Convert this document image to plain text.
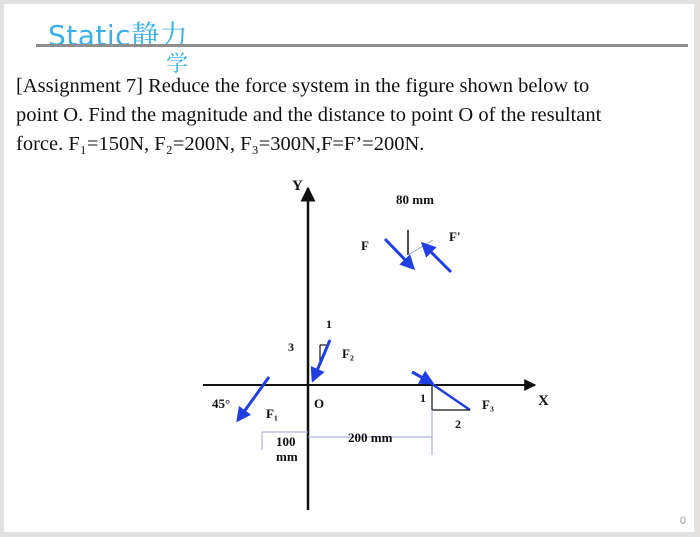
Static静力
学
[Assignment 7] Reduce the force system in the figure shown below to
point O. Find the magnitude and the distance to point O of the resultant
force. F₁=150N, F₂=200N, F₃=300N,F=F’=200N.
Y
X
O
80 mm
F
F'
1
3	F₂
45°
F₁
100
mm
1
2
F₃
200 mm
0
